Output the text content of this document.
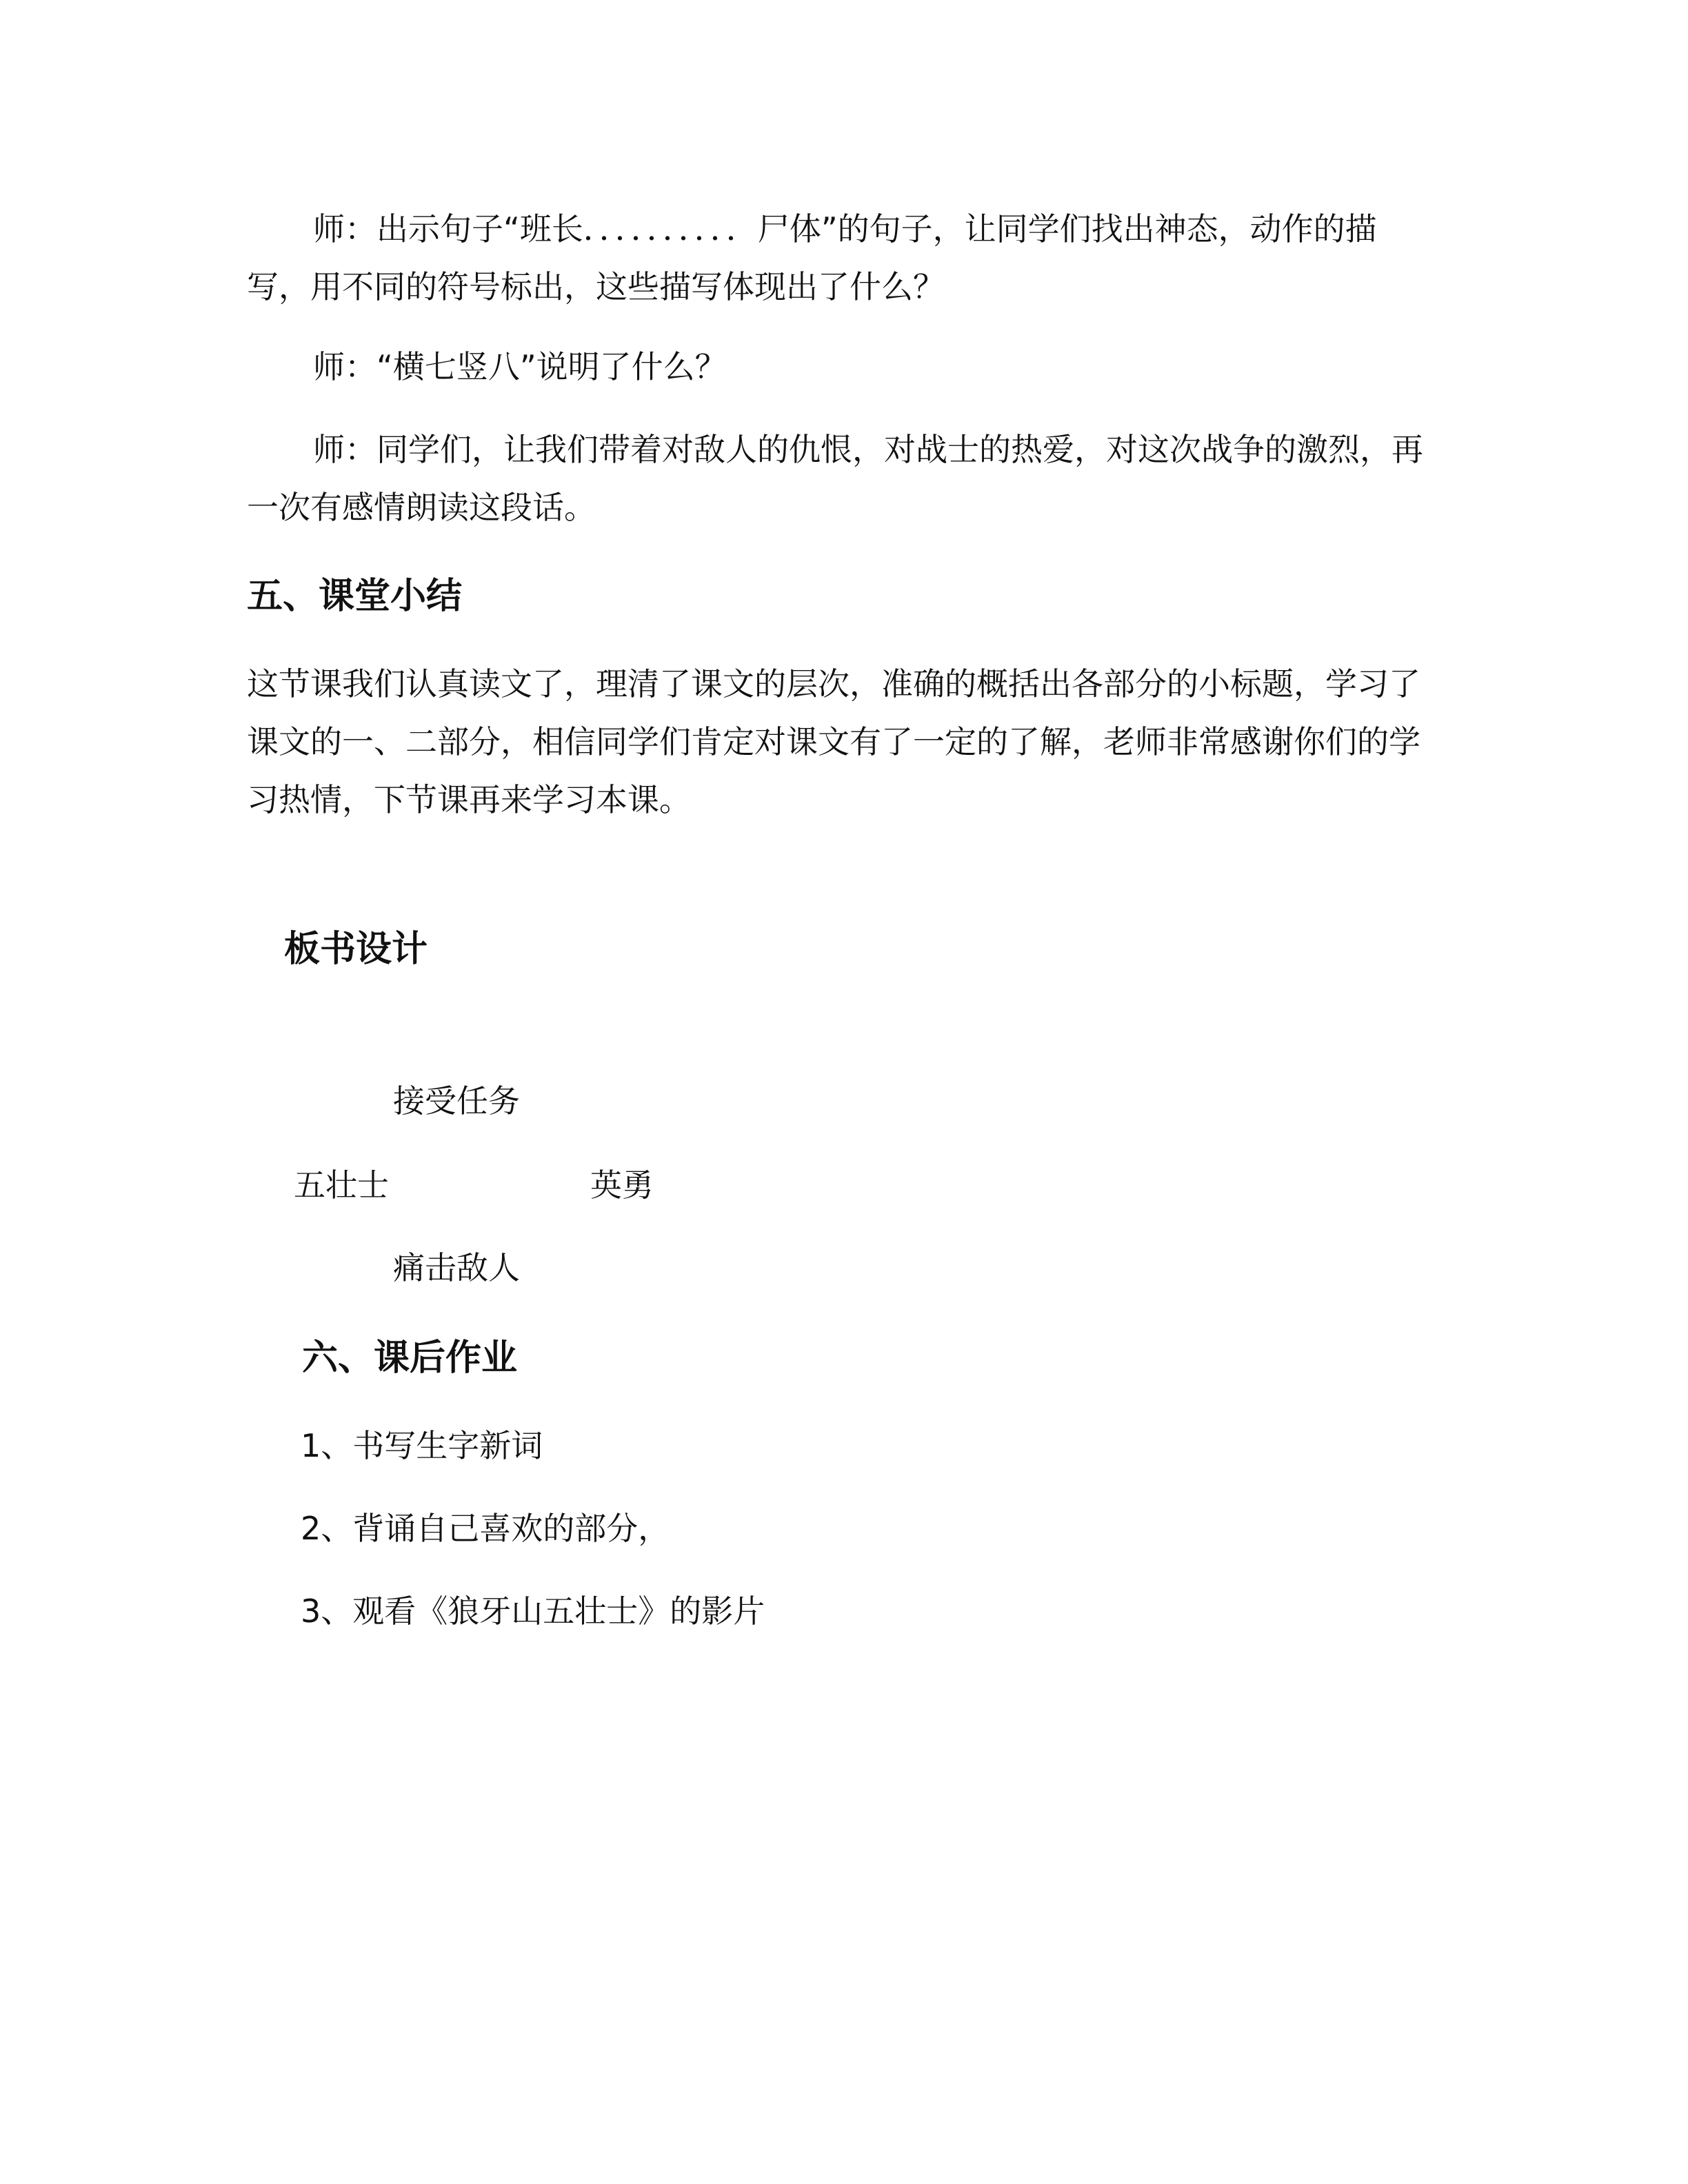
师：出示句子“班长．．．．．．．．．．尸体”的句子，让同学们找出神态，动作的描写，用不同的符号标出，这些描写体现出了什么？
师：“横七竖八”说明了什么？
师：同学们，让我们带着对敌人的仇恨，对战士的热爱，对这次战争的激烈，再一次有感情朗读这段话。
五、课堂小结
这节课我们认真读文了，理清了课文的层次，准确的概括出各部分的小标题，学习了课文的一、二部分，相信同学们肯定对课文有了一定的了解，老师非常感谢你们的学习热情，下节课再来学习本课。
板书设计
接受任务
五壮士	英勇
痛击敌人
六、课后作业
1、书写生字新词
2、背诵自己喜欢的部分，
3、观看《狼牙山五壮士》的影片
